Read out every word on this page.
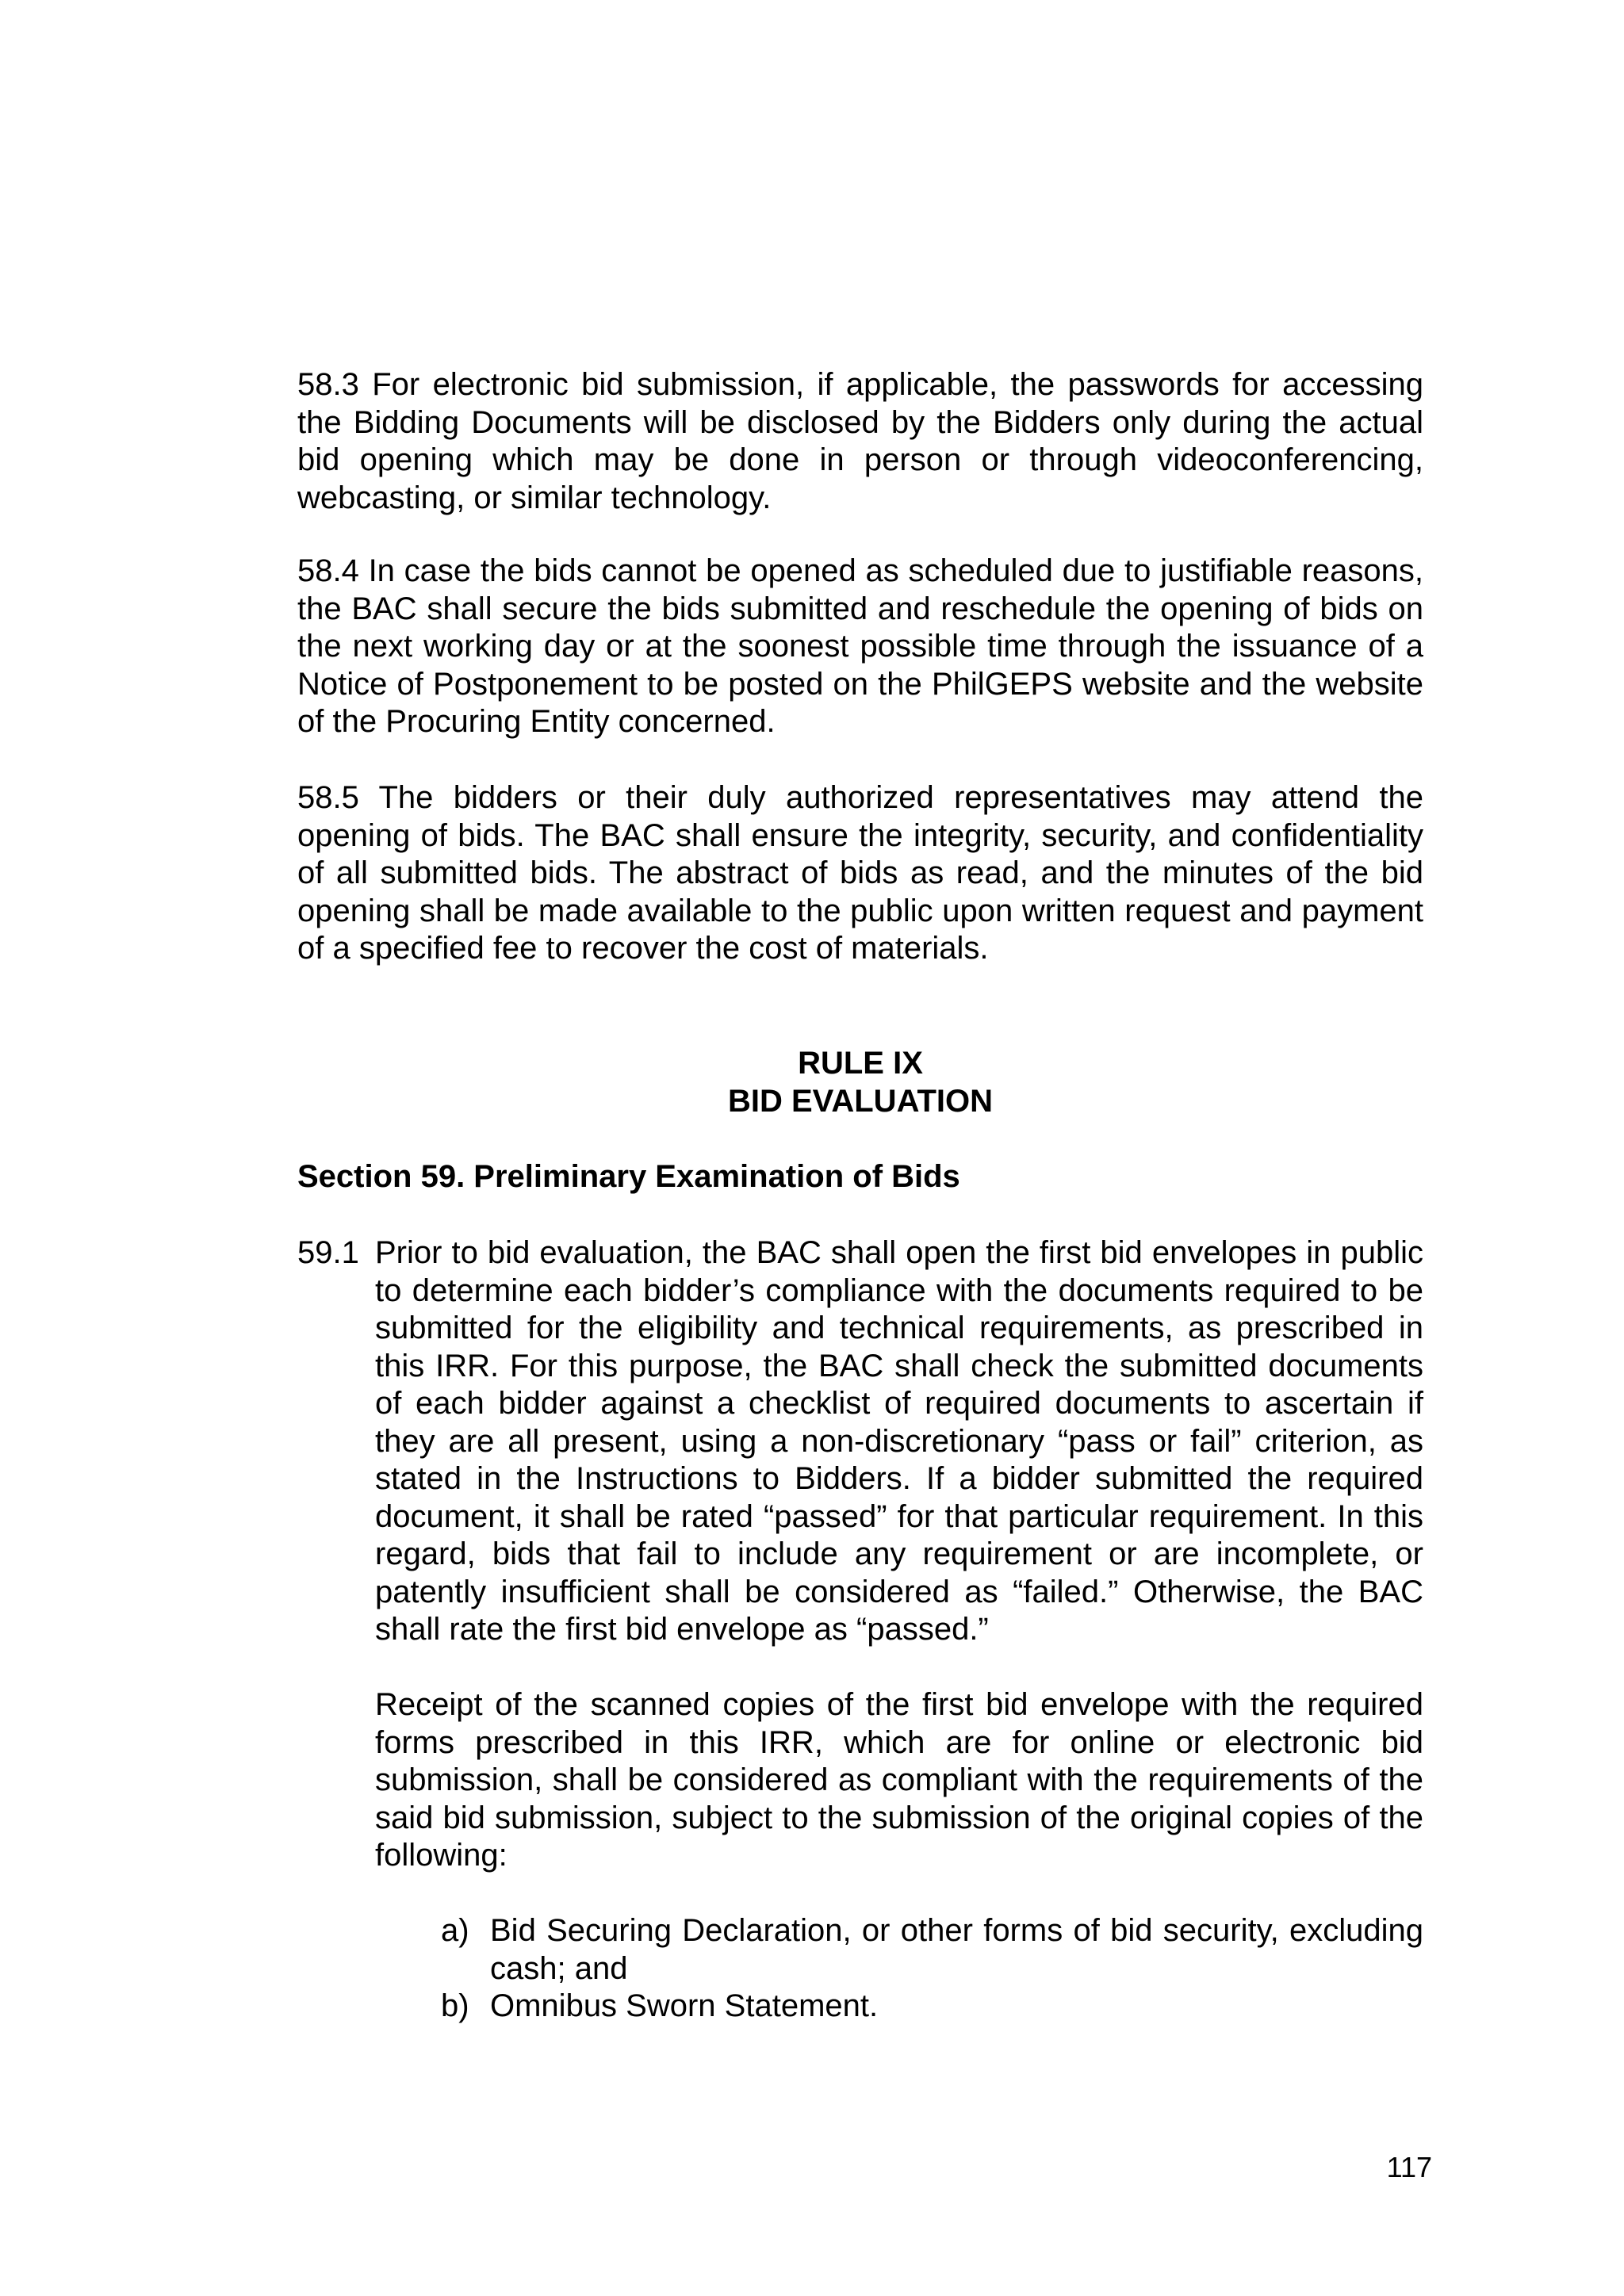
58.3 For electronic bid submission, if applicable, the passwords for accessing the Bidding Documents will be disclosed by the Bidders only during the actual bid opening which may be done in person or through videoconferencing, webcasting, or similar technology.

58.4 In case the bids cannot be opened as scheduled due to justifiable reasons, the BAC shall secure the bids submitted and reschedule the opening of bids on the next working day or at the soonest possible time through the issuance of a Notice of Postponement to be posted on the PhilGEPS website and the website of the Procuring Entity concerned.

58.5 The bidders or their duly authorized representatives may attend the opening of bids. The BAC shall ensure the integrity, security, and confidentiality of all submitted bids. The abstract of bids as read, and the minutes of the bid opening shall be made available to the public upon written request and payment of a specified fee to recover the cost of materials.

RULE IX
BID EVALUATION
Section 59. Preliminary Examination of Bids
59.1 Prior to bid evaluation, the BAC shall open the first bid envelopes in public to determine each bidder’s compliance with the documents required to be submitted for the eligibility and technical requirements, as prescribed in this IRR. For this purpose, the BAC shall check the submitted documents of each bidder against a checklist of required documents to ascertain if they are all present, using a non-discretionary “pass or fail” criterion, as stated in the Instructions to Bidders. If a bidder submitted the required document, it shall be rated “passed” for that particular requirement. In this regard, bids that fail to include any requirement or are incomplete, or patently insufficient shall be considered as “failed.” Otherwise, the BAC shall rate the first bid envelope as “passed.”

Receipt of the scanned copies of the first bid envelope with the required forms prescribed in this IRR, which are for online or electronic bid submission, shall be considered as compliant with the requirements of the said bid submission, subject to the submission of the original copies of the following:

a) Bid Securing Declaration, or other forms of bid security, excluding cash; and
b) Omnibus Sworn Statement.
117
